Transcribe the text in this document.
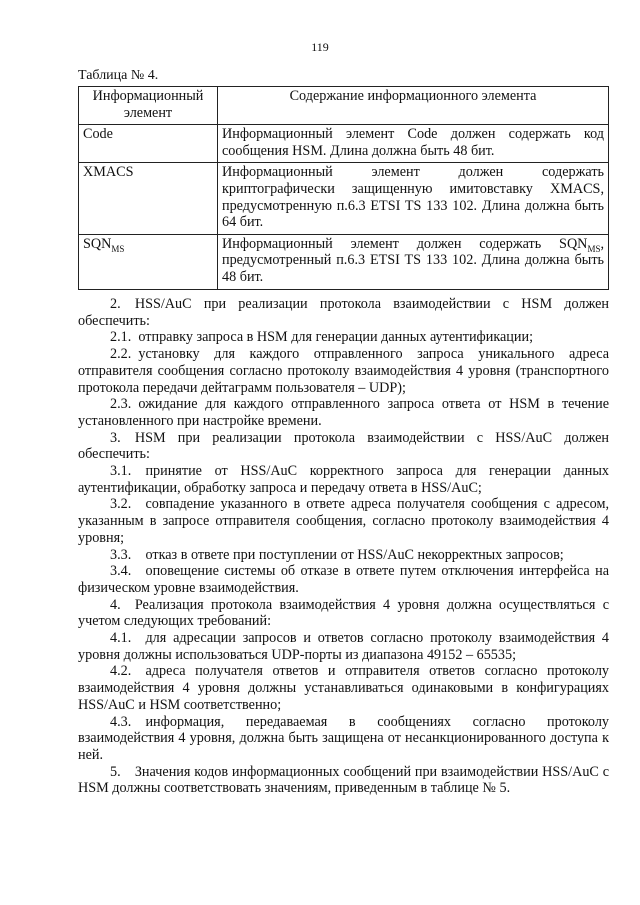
119
Таблица № 4.
Информационный элемент	Содержание информационного элемента
Code	Информационный элемент Code должен содержать код сообщения HSM. Длина должна быть 48 бит.
XMACS	Информационный элемент должен содержать криптографически защищенную имитовставку XMACS, предусмотренную п.6.3 ETSI TS 133 102. Длина должна быть 64 бит.
$SQN_{MS}$	Информационный элемент должен содержать $SQN_{MS}$, предусмотренный п.6.3 ETSI TS 133 102. Длина должна быть 48 бит.

2. HSS/AuC при реализации протокола взаимодействии с HSM должен обеспечить:

2.1. отправку запроса в HSM для генерации данных аутентификации;

2.2. установку для каждого отправленного запроса уникального адреса отправителя сообщения согласно протоколу взаимодействия 4 уровня (транспортного протокола передачи дейтаграмм пользователя – UDP);

2.3. ожидание для каждого отправленного запроса ответа от HSM в течение установленного при настройке времени.

3. HSM при реализации протокола взаимодействии с HSS/AuC должен обеспечить:

3.1. принятие от HSS/AuC корректного запроса для генерации данных аутентификации, обработку запроса и передачу ответа в HSS/AuC;

3.2. совпадение указанного в ответе адреса получателя сообщения с адресом, указанным в запросе отправителя сообщения, согласно протоколу взаимодействия 4 уровня;

3.3. отказ в ответе при поступлении от HSS/AuC некорректных запросов;

3.4. оповещение системы об отказе в ответе путем отключения интерфейса на физическом уровне взаимодействия.

4. Реализация протокола взаимодействия 4 уровня должна осуществляться с учетом следующих требований:

4.1. для адресации запросов и ответов согласно протоколу взаимодействия 4 уровня должны использоваться UDP-порты из диапазона 49152 – 65535;

4.2. адреса получателя ответов и отправителя ответов согласно протоколу взаимодействия 4 уровня должны устанавливаться одинаковыми в конфигурациях HSS/AuC и HSM соответственно;

4.3. информация, передаваемая в сообщениях согласно протоколу взаимодействия 4 уровня, должна быть защищена от несанкционированного доступа к ней.

5. Значения кодов информационных сообщений при взаимодействии HSS/AuC с HSM должны соответствовать значениям, приведенным в таблице № 5.
